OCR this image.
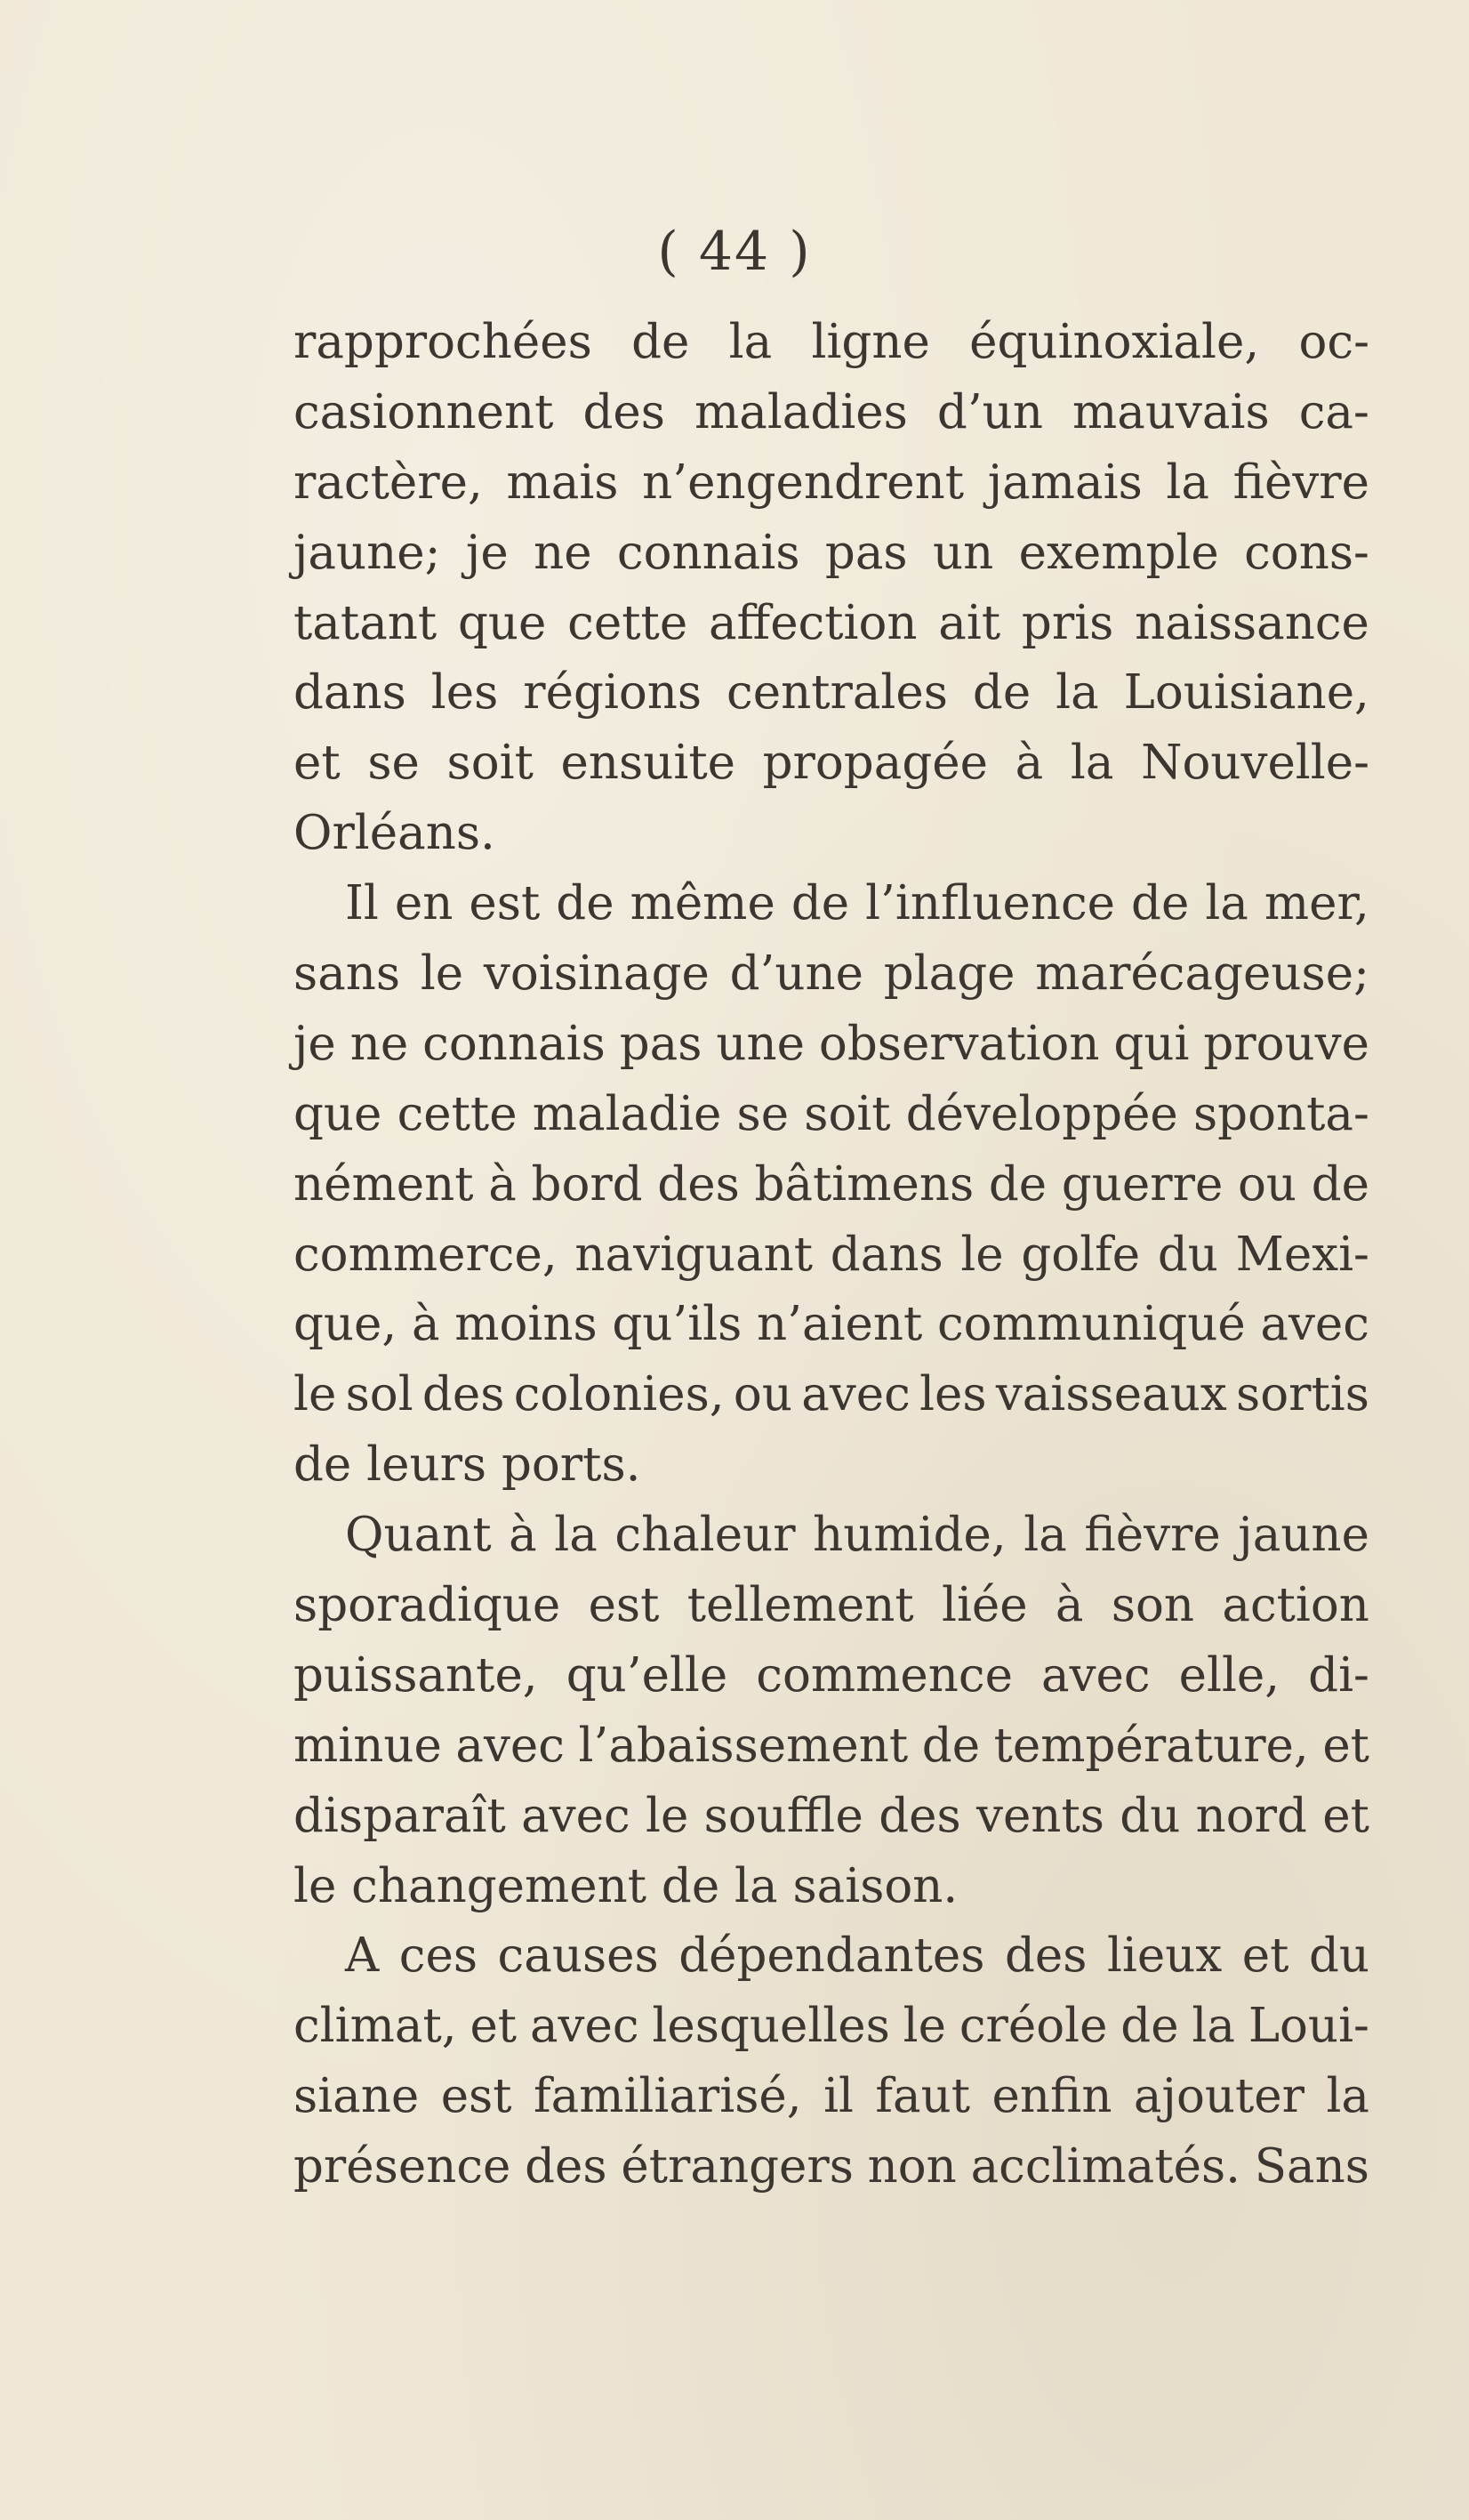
( 44 )
rapprochées de la ligne équinoxiale, oc-
casionnent des maladies d’un mauvais ca-
ractère, mais n’engendrent jamais la fièvre
jaune; je ne connais pas un exemple cons-
tatant que cette affection ait pris naissance
dans les régions centrales de la Louisiane,
et se soit ensuite propagée à la Nouvelle-
Orléans.
Il en est de même de l’influence de la mer,
sans le voisinage d’une plage marécageuse;
je ne connais pas une observation qui prouve
que cette maladie se soit développée sponta-
nément à bord des bâtimens de guerre ou de
commerce, naviguant dans le golfe du Mexi-
que, à moins qu’ils n’aient communiqué avec
le sol des colonies, ou avec les vaisseaux sortis
de leurs ports.
Quant à la chaleur humide, la fièvre jaune
sporadique est tellement liée à son action
puissante, qu’elle commence avec elle, di-
minue avec l’abaissement de température, et
disparaît avec le souffle des vents du nord et
le changement de la saison.
A ces causes dépendantes des lieux et du
climat, et avec lesquelles le créole de la Loui-
siane est familiarisé, il faut enfin ajouter la
présence des étrangers non acclimatés. Sans
